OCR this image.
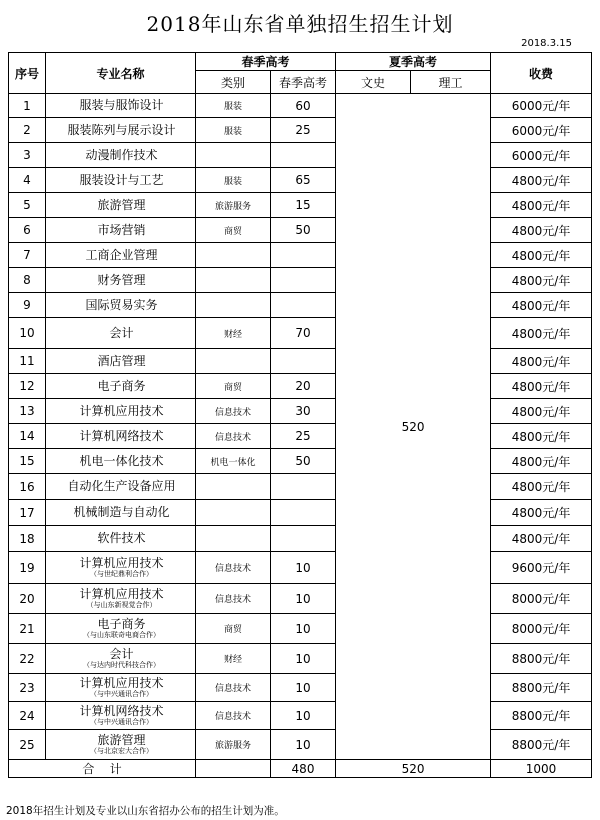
2018年山东省单独招生招生计划
2018.3.15
序号	专业名称	春季高考		夏季高考		收费
		类别	春季高考	文史	理工	
1	服装与服饰设计	服装	60	520		6000元/年
2	服装陈列与展示设计	服装	25			6000元/年
3	动漫制作技术					6000元/年
4	服装设计与工艺	服装	65			4800元/年
5	旅游管理	旅游服务	15			4800元/年
6	市场营销	商贸	50			4800元/年
7	工商企业管理					4800元/年
8	财务管理					4800元/年
9	国际贸易实务					4800元/年
10	会计	财经	70			4800元/年
11	酒店管理					4800元/年
12	电子商务	商贸	20			4800元/年
13	计算机应用技术	信息技术	30			4800元/年
14	计算机网络技术	信息技术	25			4800元/年
15	机电一体化技术	机电一体化	50			4800元/年
16	自动化生产设备应用					4800元/年
17	机械制造与自动化					4800元/年
18	软件技术					4800元/年
19	计算机应用技术
（与世纪鼎利合作）	信息技术	10			9600元/年
20	计算机应用技术
（与山东新视觉合作）	信息技术	10			8000元/年
21	电子商务
（与山东联奇电商合作）	商贸	10			8000元/年
22	会计
（与达内时代科技合作）	财经	10			8800元/年
23	计算机应用技术
（与中兴通讯合作）	信息技术	10			8800元/年
24	计算机网络技术
（与中兴通讯合作）	信息技术	10			8800元/年
25	旅游管理
（与北京宏大合作）	旅游服务	10			8800元/年
合    计			480	520		1000
2018年招生计划及专业以山东省招办公布的招生计划为准。
